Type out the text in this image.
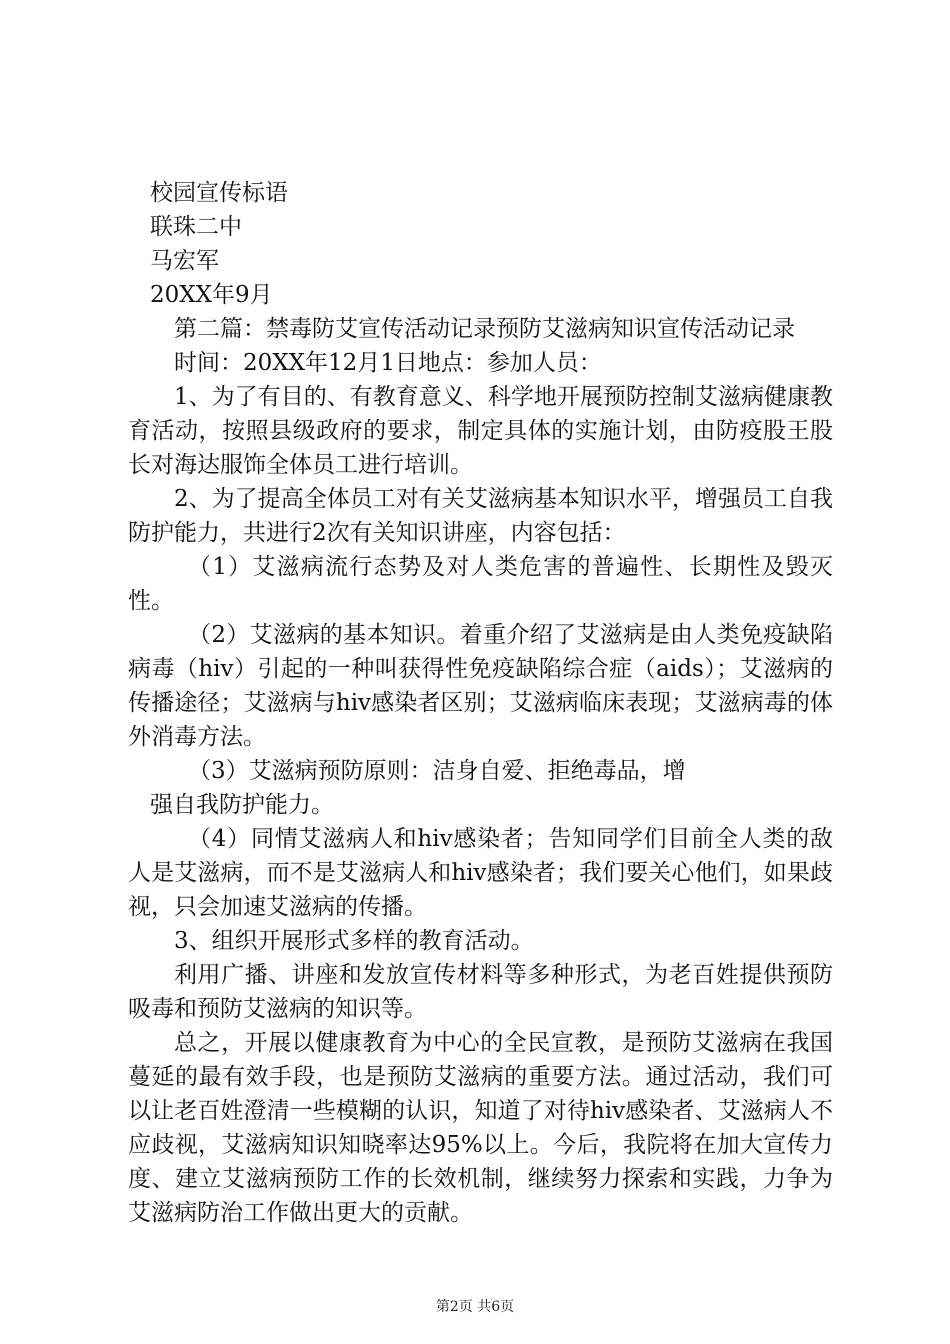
校园宣传标语

联珠二中

马宏军

20XX年9月

第二篇：禁毒防艾宣传活动记录预防艾滋病知识宣传活动记录

时间：20XX年12月1日地点：参加人员：

1、为了有目的、有教育意义、科学地开展预防控制艾滋病健康教育活动，按照县级政府的要求，制定具体的实施计划，由防疫股王股长对海达服饰全体员工进行培训。

2、为了提高全体员工对有关艾滋病基本知识水平，增强员工自我防护能力，共进行2次有关知识讲座，内容包括：

（1）艾滋病流行态势及对人类危害的普遍性、长期性及毁灭性。

（2）艾滋病的基本知识。着重介绍了艾滋病是由人类免疫缺陷病毒（hiv）引起的一种叫获得性免疫缺陷综合症（aids）；艾滋病的传播途径；艾滋病与hiv感染者区别；艾滋病临床表现；艾滋病毒的体外消毒方法。

（3）艾滋病预防原则：洁身自爱、拒绝毒品，增

强自我防护能力。

（4）同情艾滋病人和hiv感染者；告知同学们目前全人类的敌人是艾滋病，而不是艾滋病人和hiv感染者；我们要关心他们，如果歧视，只会加速艾滋病的传播。

3、组织开展形式多样的教育活动。

利用广播、讲座和发放宣传材料等多种形式，为老百姓提供预防吸毒和预防艾滋病的知识等。

总之，开展以健康教育为中心的全民宣教，是预防艾滋病在我国蔓延的最有效手段，也是预防艾滋病的重要方法。通过活动，我们可以让老百姓澄清一些模糊的认识，知道了对待hiv感染者、艾滋病人不应歧视，艾滋病知识知晓率达95%以上。今后，我院将在加大宣传力度、建立艾滋病预防工作的长效机制，继续努力探索和实践，力争为艾滋病防治工作做出更大的贡献。

第2页 共6页
